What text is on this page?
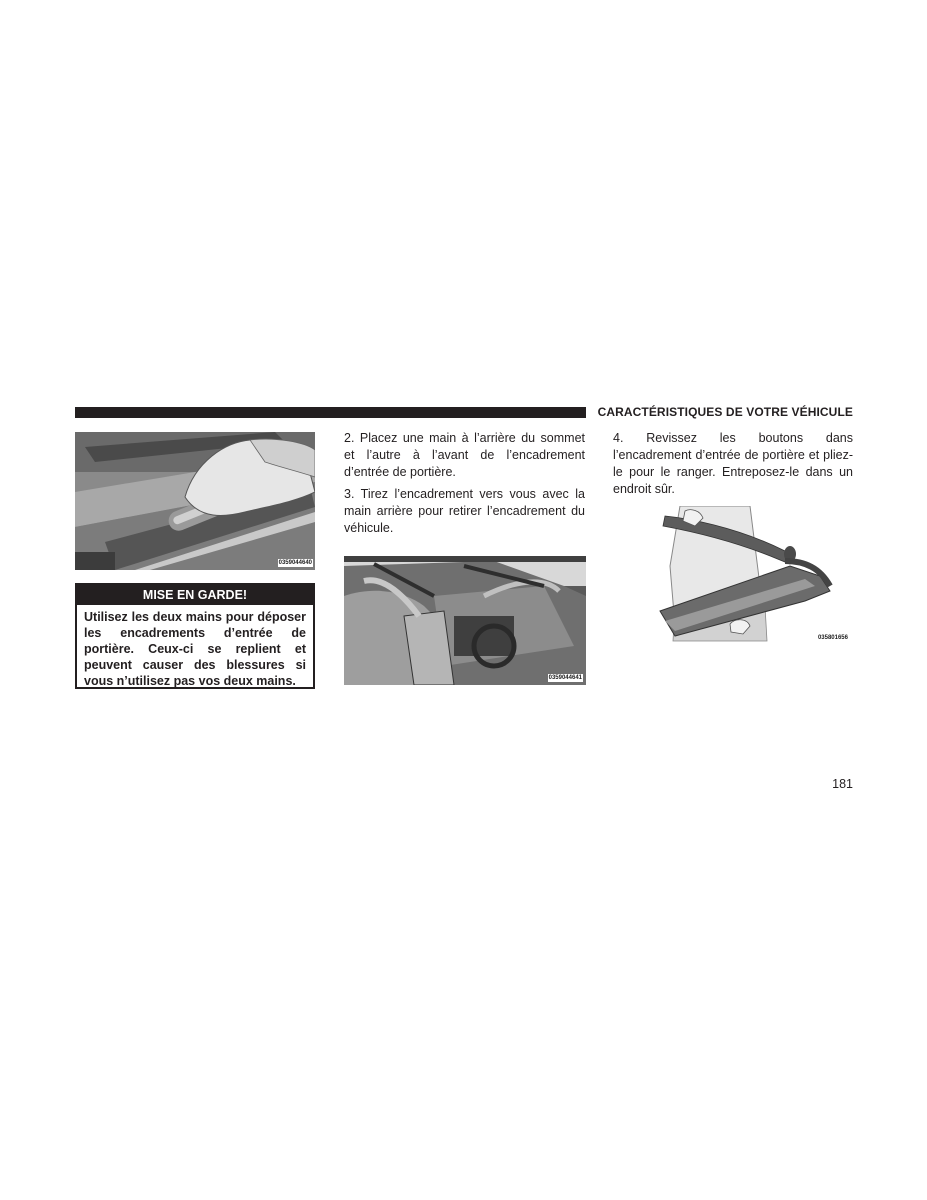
CARACTÉRISTIQUES DE VOTRE VÉHICULE
0359044640
MISE EN GARDE!
Utilisez les deux mains pour déposer les encadrements d’entrée de portière. Ceux-ci se replient et peuvent causer des blessures si vous n’utilisez pas vos deux mains.
2. Placez une main à l’arrière du sommet et l’autre à l’avant de l’encadrement d’entrée de portière.
3. Tirez l’encadrement vers vous avec la main arrière pour retirer l’encadrement du véhicule.
0359044641
4. Revissez les boutons dans l’encadrement d’entrée de portière et pliez-le pour le ranger. Entreposez-le dans un endroit sûr.
035801656
181
